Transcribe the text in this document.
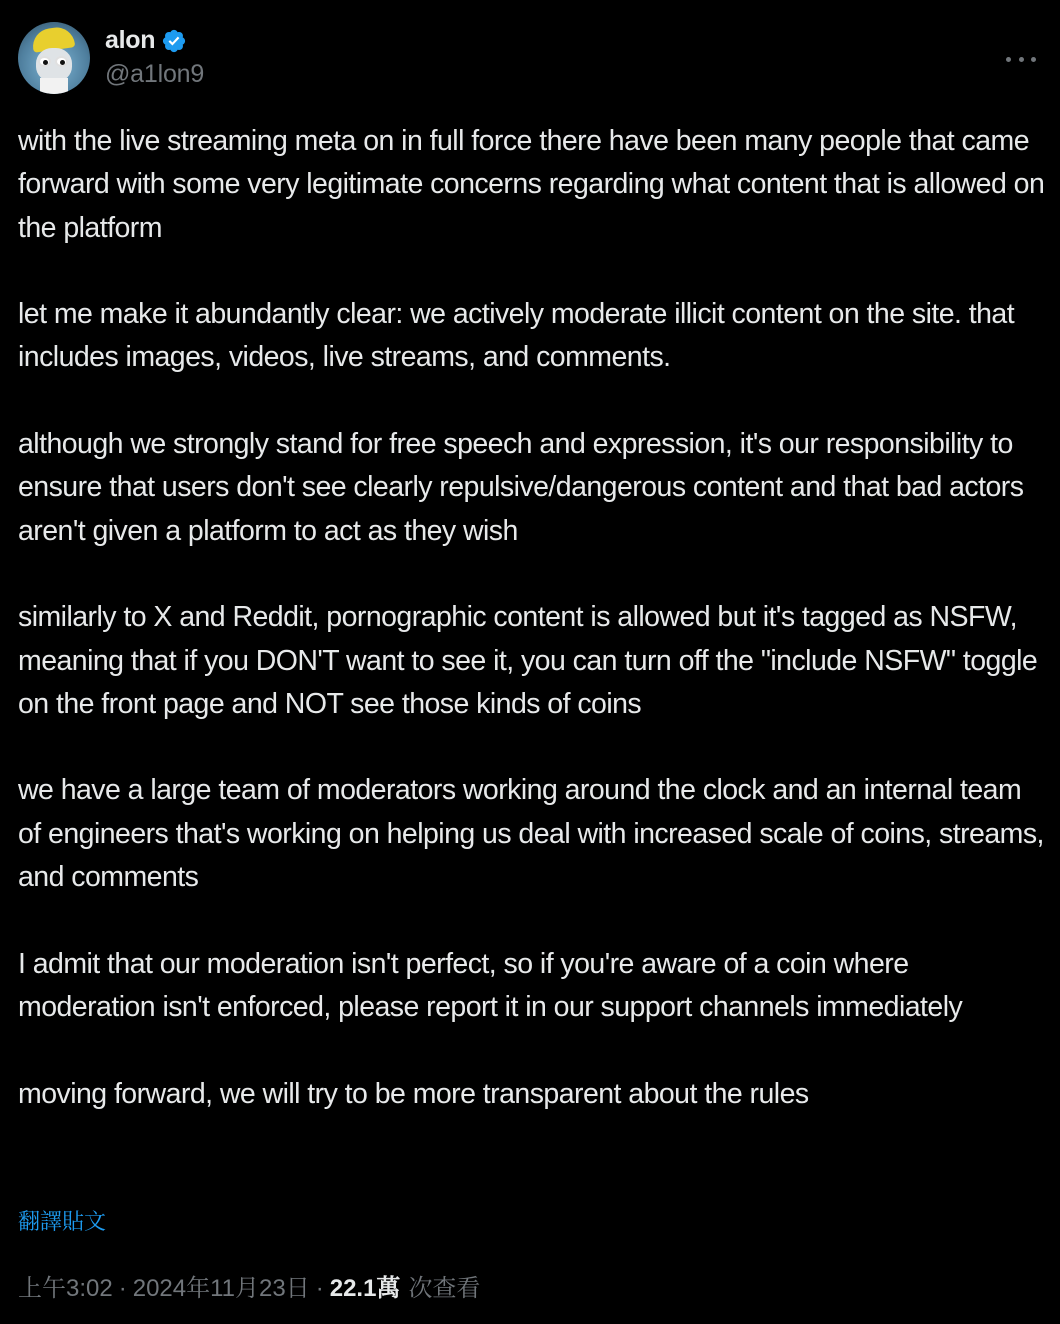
alon
@a1lon9

with the live streaming meta on in full force there have been many people that came forward with some very legitimate concerns regarding what content that is allowed on the platform

let me make it abundantly clear: we actively moderate illicit content on the site. that includes images, videos, live streams, and comments.

although we strongly stand for free speech and expression, it's our responsibility to ensure that users don't see clearly repulsive/dangerous content and that bad actors aren't given a platform to act as they wish

similarly to X and Reddit, pornographic content is allowed but it's tagged as NSFW, meaning that if you DON'T want to see it, you can turn off the "include NSFW" toggle on the front page and NOT see those kinds of coins

we have a large team of moderators working around the clock and an internal team of engineers that's working on helping us deal with increased scale of coins, streams, and comments

I admit that our moderation isn't perfect, so if you're aware of a coin where moderation isn't enforced, please report it in our support channels immediately

moving forward, we will try to be more transparent about the rules

翻譯貼文
上午3:02 · 2024年11月23日 · 22.1萬 次查看
